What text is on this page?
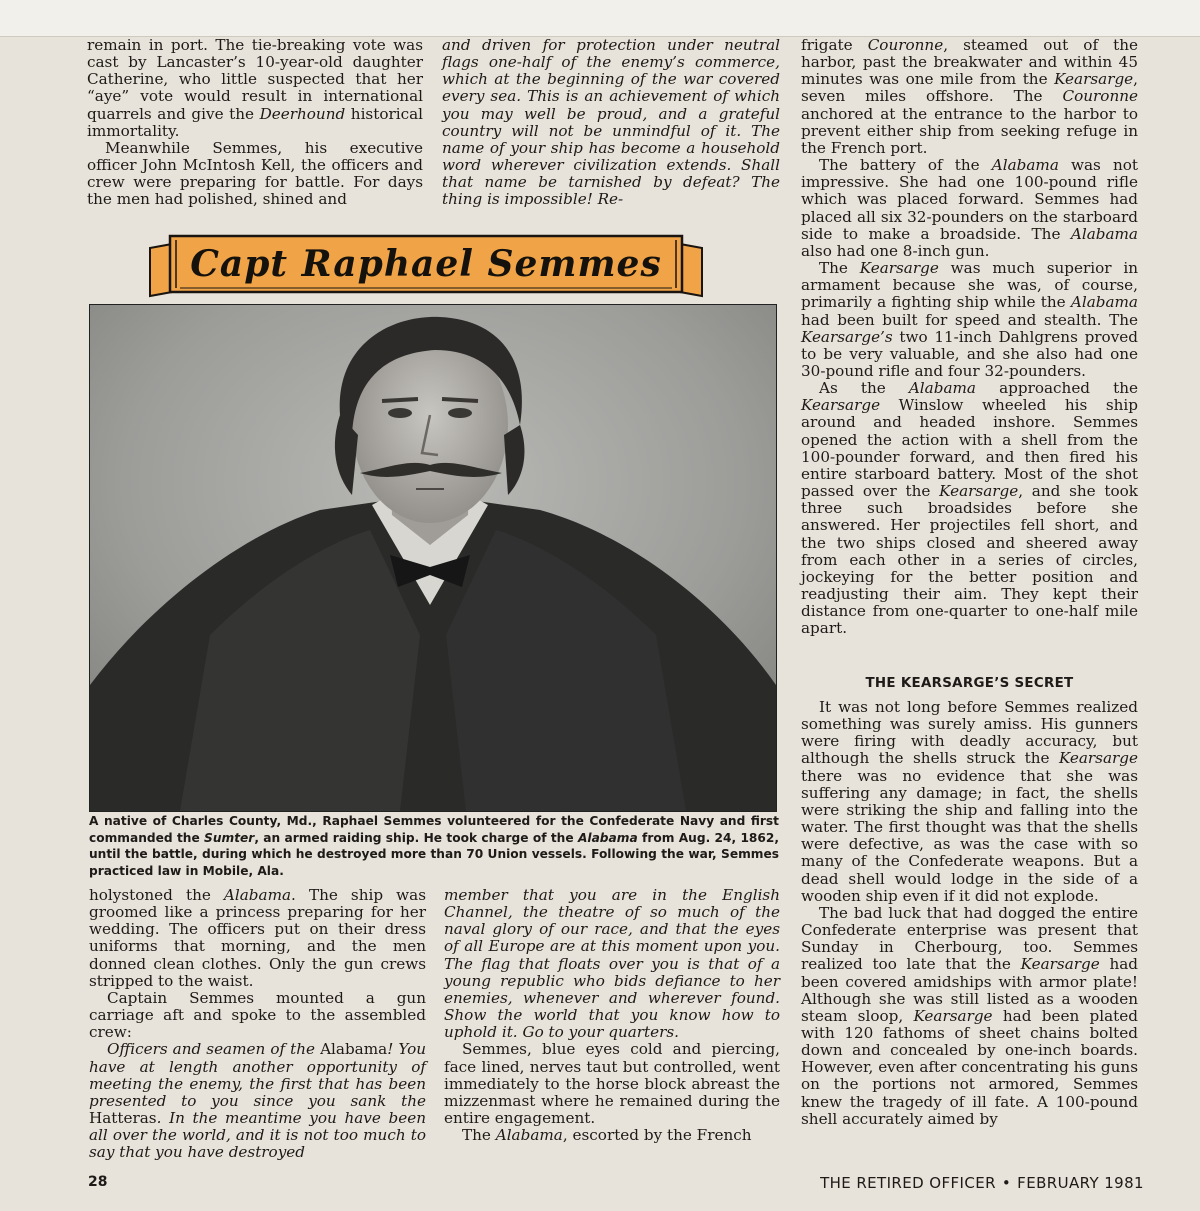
remain in port. The tie-breaking vote was cast by Lancaster’s 10-year-old daughter Catherine, who little suspected that her “aye” vote would result in international quarrels and give the Deerhound historical immortality.

Meanwhile Semmes, his executive officer John McIntosh Kell, the officers and crew were preparing for battle. For days the men had polished, shined and

and driven for protection under neutral flags one-half of the enemy’s commerce, which at the beginning of the war covered every sea. This is an achievement of which you may well be proud, and a grateful country will not be unmindful of it. The name of your ship has become a household word wherever civilization extends. Shall that name be tarnished by defeat? The thing is impossible! Re-

Capt Raphael Semmes

A native of Charles County, Md., Raphael Semmes volunteered for the Confederate Navy and first commanded the Sumter, an armed raiding ship. He took charge of the Alabama from Aug. 24, 1862, until the battle, during which he destroyed more than 70 Union vessels. Following the war, Semmes practiced law in Mobile, Ala.

frigate Couronne, steamed out of the harbor, past the breakwater and within 45 minutes was one mile from the Kearsarge, seven miles offshore. The Couronne anchored at the entrance to the harbor to prevent either ship from seeking refuge in the French port.

The battery of the Alabama was not impressive. She had one 100-pound rifle which was placed forward. Semmes had placed all six 32-pounders on the starboard side to make a broadside. The Alabama also had one 8-inch gun.

The Kearsarge was much superior in armament because she was, of course, primarily a fighting ship while the Alabama had been built for speed and stealth. The Kearsarge’s two 11-inch Dahlgrens proved to be very valuable, and she also had one 30-pound rifle and four 32-pounders.

As the Alabama approached the Kearsarge Winslow wheeled his ship around and headed inshore. Semmes opened the action with a shell from the 100-pounder forward, and then fired his entire starboard battery. Most of the shot passed over the Kearsarge, and she took three such broadsides before she answered. Her projectiles fell short, and the two ships closed and sheered away from each other in a series of circles, jockeying for the better position and readjusting their aim. They kept their distance from one-quarter to one-half mile apart.

THE KEARSARGE’S SECRET

It was not long before Semmes realized something was surely amiss. His gunners were firing with deadly accuracy, but although the shells struck the Kearsarge there was no evidence that she was suffering any damage; in fact, the shells were striking the ship and falling into the water. The first thought was that the shells were defective, as was the case with so many of the Confederate weapons. But a dead shell would lodge in the side of a wooden ship even if it did not explode.

The bad luck that had dogged the entire Confederate enterprise was present that Sunday in Cherbourg, too. Semmes realized too late that the Kearsarge had been covered amidships with armor plate! Although she was still listed as a wooden steam sloop, Kearsarge had been plated with 120 fathoms of sheet chains bolted down and concealed by one-inch boards. However, even after concentrating his guns on the portions not armored, Semmes knew the tragedy of ill fate. A 100-pound shell accurately aimed by

holystoned the Alabama. The ship was groomed like a princess preparing for her wedding. The officers put on their dress uniforms that morning, and the men donned clean clothes. Only the gun crews stripped to the waist.

Captain Semmes mounted a gun carriage aft and spoke to the assembled crew:

Officers and seamen of the Alabama! You have at length another opportunity of meeting the enemy, the first that has been presented to you since you sank the Hatteras. In the meantime you have been all over the world, and it is not too much to say that you have destroyed

member that you are in the English Channel, the theatre of so much of the naval glory of our race, and that the eyes of all Europe are at this moment upon you. The flag that floats over you is that of a young republic who bids defiance to her enemies, whenever and wherever found. Show the world that you know how to uphold it. Go to your quarters.

Semmes, blue eyes cold and piercing, face lined, nerves taut but controlled, went immediately to the horse block abreast the mizzenmast where he remained during the entire engagement.

The Alabama, escorted by the French

28	THE RETIRED OFFICER • FEBRUARY 1981
